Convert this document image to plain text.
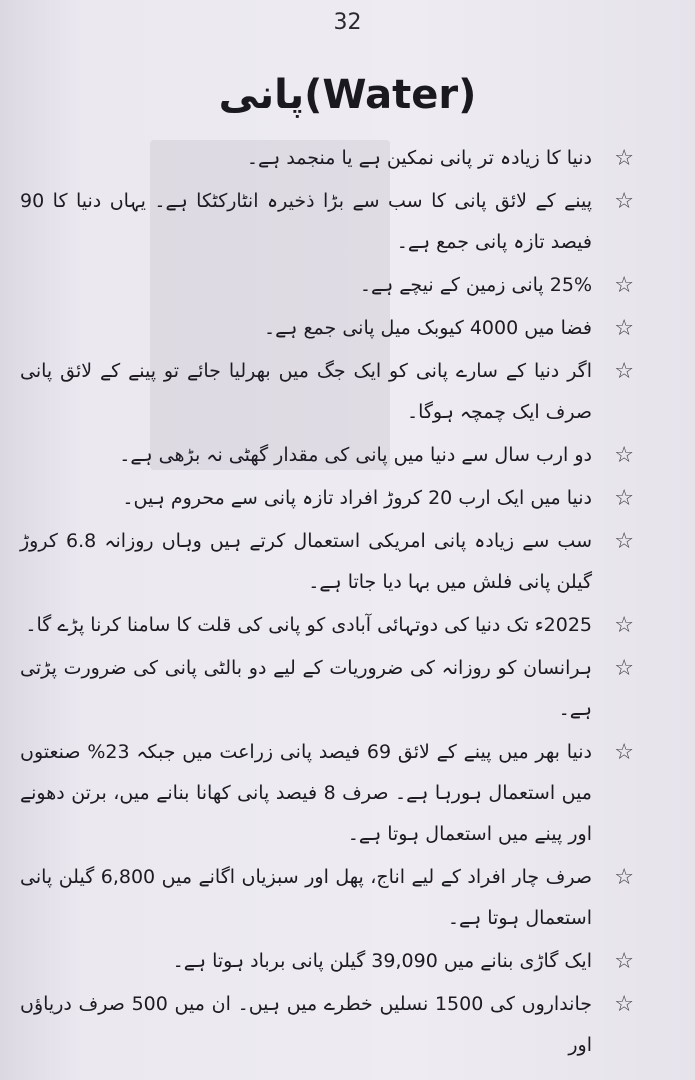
32
پانی(Water)
☆
دنیا کا زیادہ تر پانی نمکین ہے یا منجمد ہے۔
☆
پینے کے لائق پانی کا سب سے بڑا ذخیرہ انٹارکٹکا ہے۔ یہاں دنیا کا 90 فیصد تازہ پانی جمع ہے۔
☆
25% پانی زمین کے نیچے ہے۔
☆
فضا میں 4000 کیوبک میل پانی جمع ہے۔
☆
اگر دنیا کے سارے پانی کو ایک جگ میں بھرلیا جائے تو پینے کے لائق پانی صرف ایک چمچہ ہوگا۔
☆
دو ارب سال سے دنیا میں پانی کی مقدار گھٹی نہ بڑھی ہے۔
☆
دنیا میں ایک ارب 20 کروڑ افراد تازہ پانی سے محروم ہیں۔
☆
سب سے زیادہ پانی امریکی استعمال کرتے ہیں وہاں روزانہ 6.8 کروڑ گیلن پانی فلش میں بہا دیا جاتا ہے۔
☆
2025ء تک دنیا کی دوتہائی آبادی کو پانی کی قلت کا سامنا کرنا پڑے گا۔
☆
ہرانسان کو روزانہ کی ضروریات کے لیے دو بالٹی پانی کی ضرورت پڑتی ہے۔
☆
دنیا بھر میں پینے کے لائق 69 فیصد پانی زراعت میں جبکہ 23% صنعتوں میں استعمال ہورہا ہے۔ صرف 8 فیصد پانی کھانا بنانے میں، برتن دھونے اور پینے میں استعمال ہوتا ہے۔
☆
صرف چار افراد کے لیے اناج، پھل اور سبزیاں اگانے میں 6,800 گیلن پانی استعمال ہوتا ہے۔
☆
ایک گاڑی بنانے میں 39,090 گیلن پانی برباد ہوتا ہے۔
☆
جانداروں کی 1500 نسلیں خطرے میں ہیں۔ ان میں 500 صرف دریاؤں اور
